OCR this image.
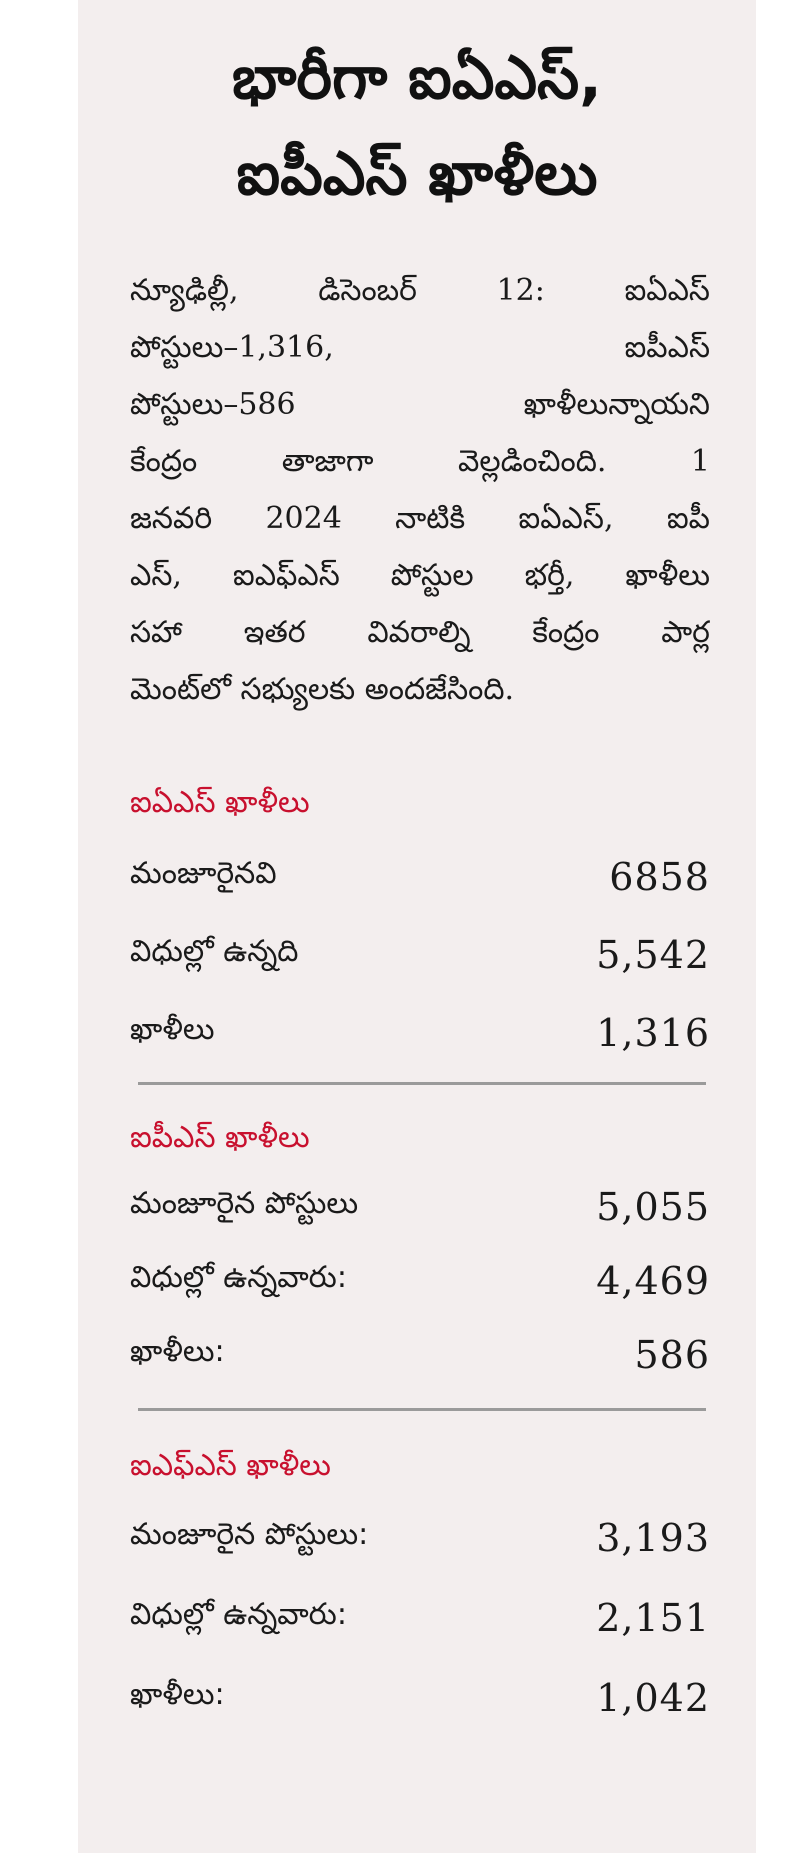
భారీగా ఐఏఎస్,
ఐపీఎస్ ఖాళీలు
న్యూఢిల్లీ,	డిసెంబర్	12:	ఐఏఎస్
పోస్టులు–1,316,	ఐపీఎస్
పోస్టులు–586	ఖాళీలున్నాయని
కేంద్రం	తాజాగా	వెల్లడించింది.	1
జనవరి 2024 నాటికి ఐఏఎస్, ఐపీ
ఎస్, ఐఎఫ్ఎస్ పోస్టుల భర్తీ, ఖాళీలు
సహా ఇతర వివరాల్ని కేంద్రం పార్ల
మెంట్‌లో
సభ్యులకు
అందజేసింది.
ఐఏఎస్ ఖాళీలు
మంజూరైనవి	6858
విధుల్లో ఉన్నది	5,542
ఖాళీలు	1,316
ఐపీఎస్ ఖాళీలు
మంజూరైన పోస్టులు	5,055
విధుల్లో ఉన్నవారు:	4,469
ఖాళీలు:	586
ఐఎఫ్ఎస్ ఖాళీలు
మంజూరైన పోస్టులు:	3,193
విధుల్లో ఉన్నవారు:	2,151
ఖాళీలు:	1,042
